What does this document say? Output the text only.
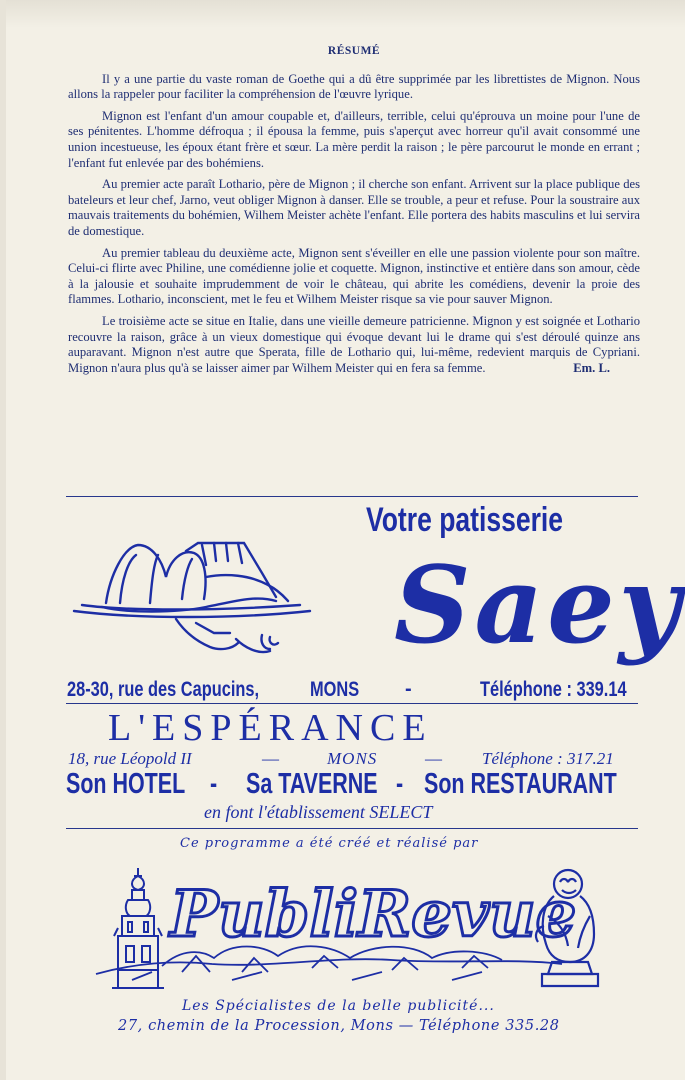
RÉSUMÉ

Il y a une partie du vaste roman de Goethe qui a dû être supprimée par les librettistes de Mignon. Nous allons la rappeler pour faciliter la compréhension de l'œuvre lyrique.

Mignon est l'enfant d'un amour coupable et, d'ailleurs, terrible, celui qu'éprouva un moine pour l'une de ses pénitentes. L'homme défroqua ; il épousa la femme, puis s'aperçut avec horreur qu'il avait consommé une union incestueuse, les époux étant frère et sœur. La mère perdit la raison ; le père parcourut le monde en errant ; l'enfant fut enlevée par des bohémiens.

Au premier acte paraît Lothario, père de Mignon ; il cherche son enfant. Arrivent sur la place publique des bateleurs et leur chef, Jarno, veut obliger Mignon à danser. Elle se trouble, a peur et refuse. Pour la soustraire aux mauvais traitements du bohémien, Wilhem Meister achète l'enfant. Elle portera des habits masculins et lui servira de domestique.

Au premier tableau du deuxième acte, Mignon sent s'éveiller en elle une passion violente pour son maître. Celui-ci flirte avec Philine, une comédienne jolie et coquette. Mignon, instinctive et entière dans son amour, cède à la jalousie et souhaite imprudemment de voir le château, qui abrite les comédiens, devenir la proie des flammes. Lothario, inconscient, met le feu et Wilhem Meister risque sa vie pour sauver Mignon.

Le troisième acte se situe en Italie, dans une vieille demeure patricienne. Mignon y est soignée et Lothario recouvre la raison, grâce à un vieux domestique qui évoque devant lui le drame qui s'est déroulé quinze ans auparavant. Mignon n'est autre que Sperata, fille de Lothario qui, lui-même, redevient marquis de Cypriani. Mignon n'aura plus qu'à se laisser aimer par Wilhem Meister qui en fera sa femme.	Em. L.

Votre patisserie
Saey
28-30, rue des Capucins, MONS -	Téléphone : 339.14
L'ESPÉRANCE
18, rue Léopold II	—	MONS	— Téléphone : 317.21
Son HOTEL - Sa TAVERNE - Son RESTAURANT
en font l'établissement SELECT
Ce programme a été créé et réalisé par
PubliRevue
Les Spécialistes de la belle publicité...
27, chemin de la Procession, Mons — Téléphone 335.28
